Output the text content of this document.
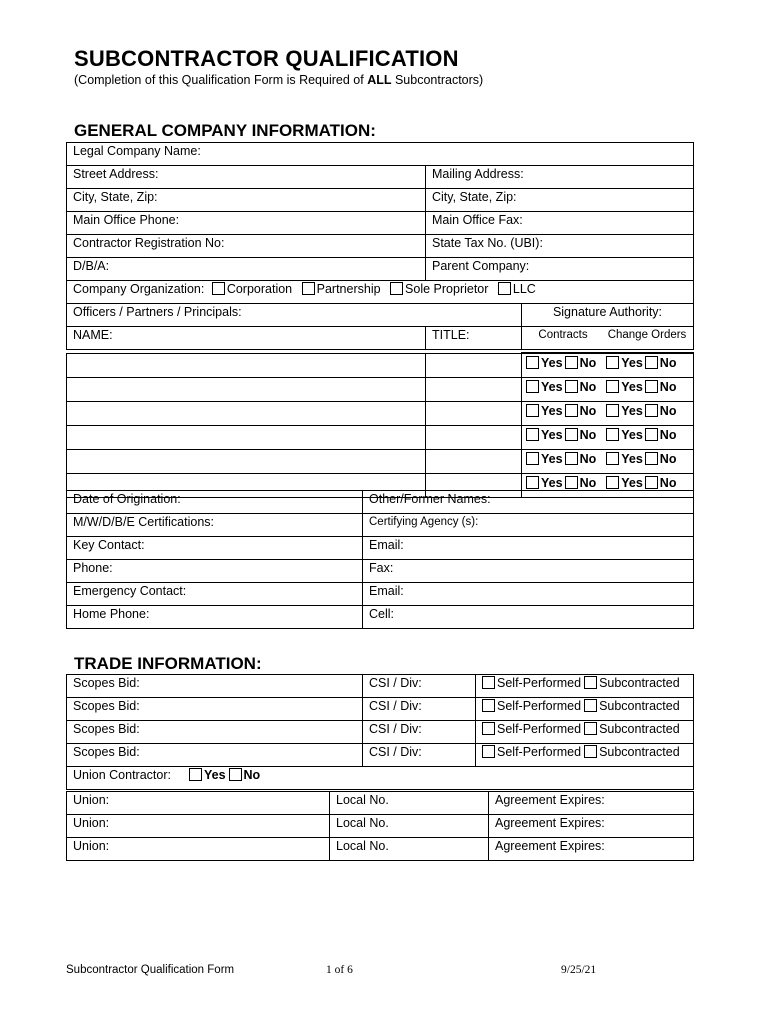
SUBCONTRACTOR QUALIFICATION
(Completion of this Qualification Form is Required of ALL Subcontractors)
GENERAL COMPANY INFORMATION:
Legal Company Name:		
Street Address:	Mailing Address:	
City, State, Zip:	City, State, Zip:	
Main Office Phone:	Main Office Fax:	
Contractor Registration No:	State Tax No. (UBI):	
D/B/A:	Parent Company:	
Company Organization: Corporation Partnership Sole Proprietor LLC		
Officers / Partners / Principals:		Signature Authority:
NAME:	TITLE:	Contracts Change Orders
		Yes No Yes No
		Yes No Yes No
		Yes No Yes No
		Yes No Yes No
		Yes No Yes No
		Yes No Yes No
Date of Origination:	Other/Former Names:
M/W/D/B/E Certifications:	Certifying Agency (s):
Key Contact:	Email:
Phone:	Fax:
Emergency Contact:	Email:
Home Phone:	Cell:
TRADE INFORMATION:
Scopes Bid:	CSI / Div:	Self-Performed Subcontracted
Scopes Bid:	CSI / Div:	Self-Performed Subcontracted
Scopes Bid:	CSI / Div:	Self-Performed Subcontracted
Scopes Bid:	CSI / Div:	Self-Performed Subcontracted
Union Contractor: Yes No		
Union:	Local No.	Agreement Expires:
Union:	Local No.	Agreement Expires:
Union:	Local No.	Agreement Expires:
Subcontractor Qualification Form	1 of 6	9/25/21
